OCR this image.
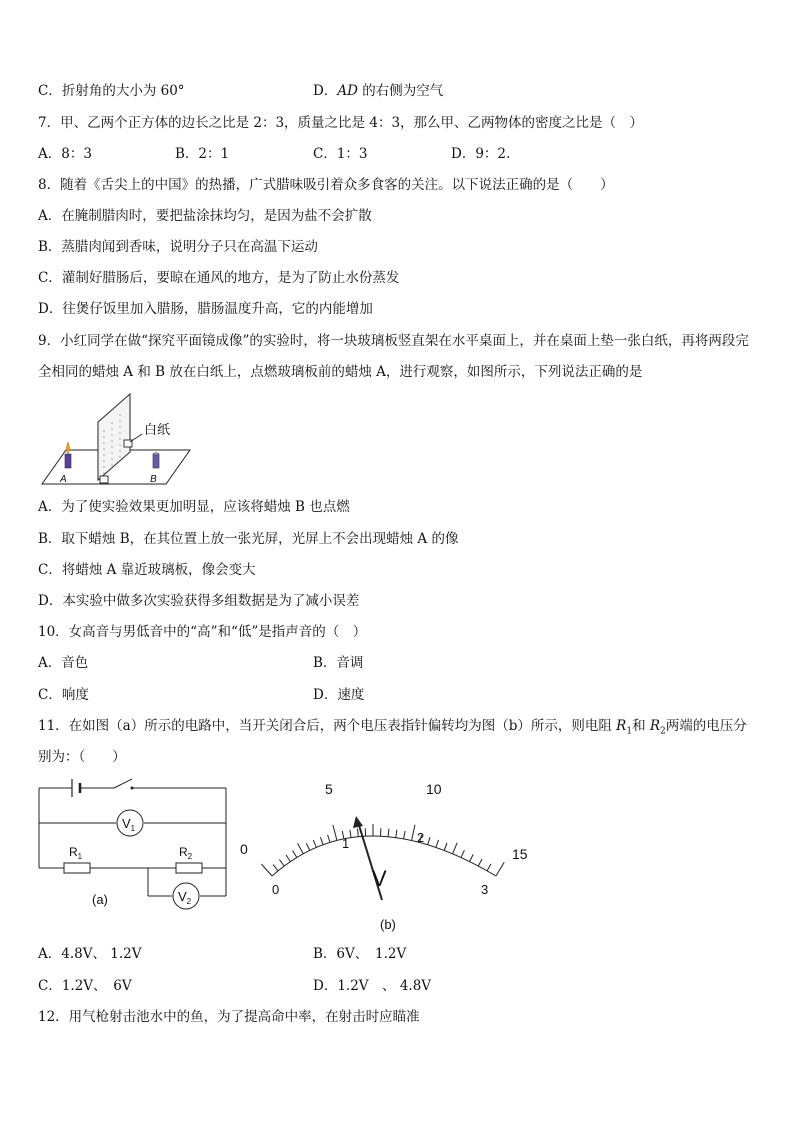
C．折射角的大小为 60°	D．AD 的右侧为空气
7．甲、乙两个正方体的边长之比是 2：3，质量之比是 4：3，那么甲、乙两物体的密度之比是（　）
A．8：3	B．2：1	C．1：3	D．9：2.
8．随着《舌尖上的中国》的热播，广式腊味吸引着众多食客的关注。以下说法正确的是（　　）
A．在腌制腊肉时，要把盐涂抹均匀，是因为盐不会扩散
B．蒸腊肉闻到香味，说明分子只在高温下运动
C．灌制好腊肠后，要晾在通风的地方，是为了防止水份蒸发
D．往煲仔饭里加入腊肠，腊肠温度升高，它的内能增加
9．小红同学在做“探究平面镜成像”的实验时，将一块玻璃板竖直架在水平桌面上，并在桌面上垫一张白纸，再将两段完全相同的蜡烛 A 和 B 放在白纸上，点燃玻璃板前的蜡烛 A，进行观察，如图所示，下列说法正确的是
白纸
A	B
A．为了使实验效果更加明显，应该将蜡烛 B 也点燃
B．取下蜡烛 B，在其位置上放一张光屏，光屏上不会出现蜡烛 A 的像
C．将蜡烛 A 靠近玻璃板，像会变大
D．本实验中做多次实验获得多组数据是为了减小误差
10．女高音与男低音中的“高”和“低”是指声音的（　）
A．音色	B．音调
C．响度	D．速度
11．在如图（a）所示的电路中，当开关闭合后，两个电压表指针偏转均为图（b）所示，则电阻 $R_1$和 $R_2$两端的电压分
别为：（　　）
$V_1$
$R_1$	$R_2$
$V_2$
(a)
0
5	10
15
0
1	2
3
V
(b)
A．4.8V、 1.2V	B．6V、　1.2V
C．1.2V、　6V	D．1.2V　、 4.8V
12．用气枪射击池水中的鱼，为了提高命中率，在射击时应瞄准
